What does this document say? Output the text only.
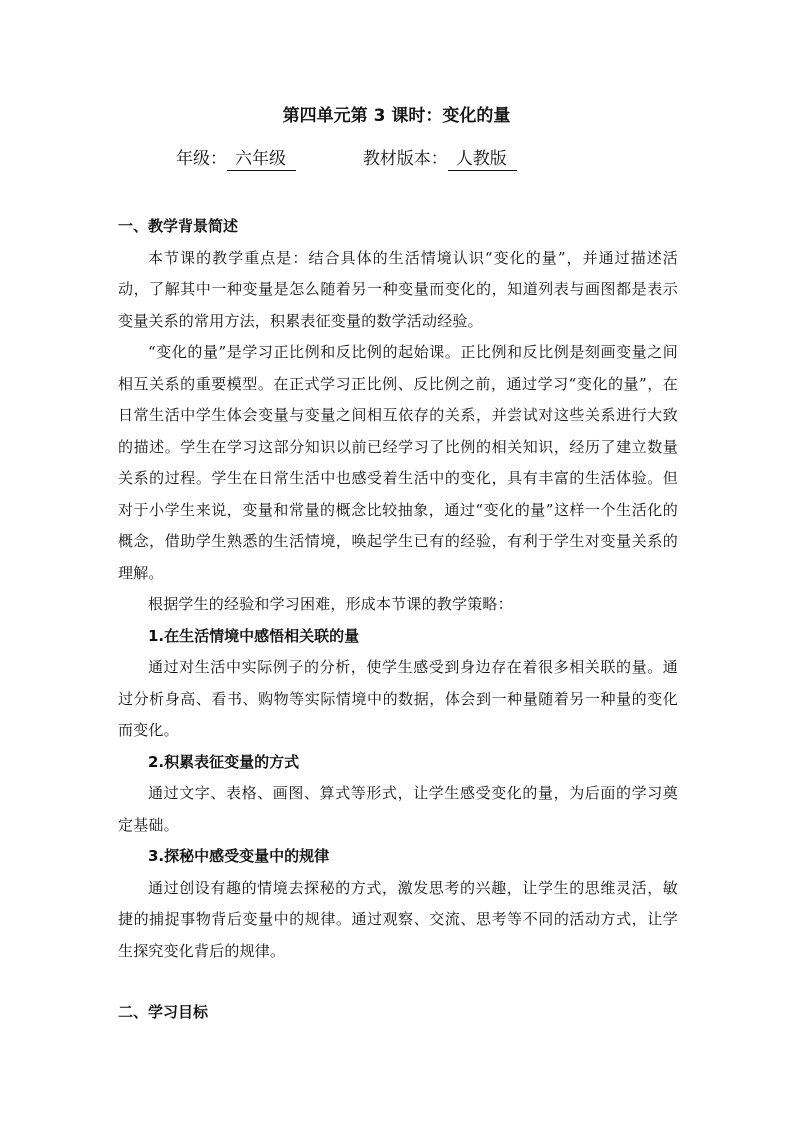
第四单元第 3 课时：变化的量
年级： 六年级	教材版本： 人教版

一、教学背景简述

本节课的教学重点是：结合具体的生活情境认识“变化的量”，并通过描述活动，了解其中一种变量是怎么随着另一种变量而变化的，知道列表与画图都是表示变量关系的常用方法，积累表征变量的数学活动经验。

“变化的量”是学习正比例和反比例的起始课。正比例和反比例是刻画变量之间相互关系的重要模型。在正式学习正比例、反比例之前，通过学习“变化的量”，在日常生活中学生体会变量与变量之间相互依存的关系，并尝试对这些关系进行大致的描述。学生在学习这部分知识以前已经学习了比例的相关知识，经历了建立数量关系的过程。学生在日常生活中也感受着生活中的变化，具有丰富的生活体验。但对于小学生来说，变量和常量的概念比较抽象，通过“变化的量”这样一个生活化的概念，借助学生熟悉的生活情境，唤起学生已有的经验，有利于学生对变量关系的理解。

根据学生的经验和学习困难，形成本节课的教学策略：

1.在生活情境中感悟相关联的量

通过对生活中实际例子的分析，使学生感受到身边存在着很多相关联的量。通过分析身高、看书、购物等实际情境中的数据，体会到一种量随着另一种量的变化而变化。

2.积累表征变量的方式

通过文字、表格、画图、算式等形式，让学生感受变化的量，为后面的学习奠定基础。

3.探秘中感受变量中的规律

通过创设有趣的情境去探秘的方式，激发思考的兴趣，让学生的思维灵活，敏捷的捕捉事物背后变量中的规律。通过观察、交流、思考等不同的活动方式，让学生探究变化背后的规律。

二、学习目标
